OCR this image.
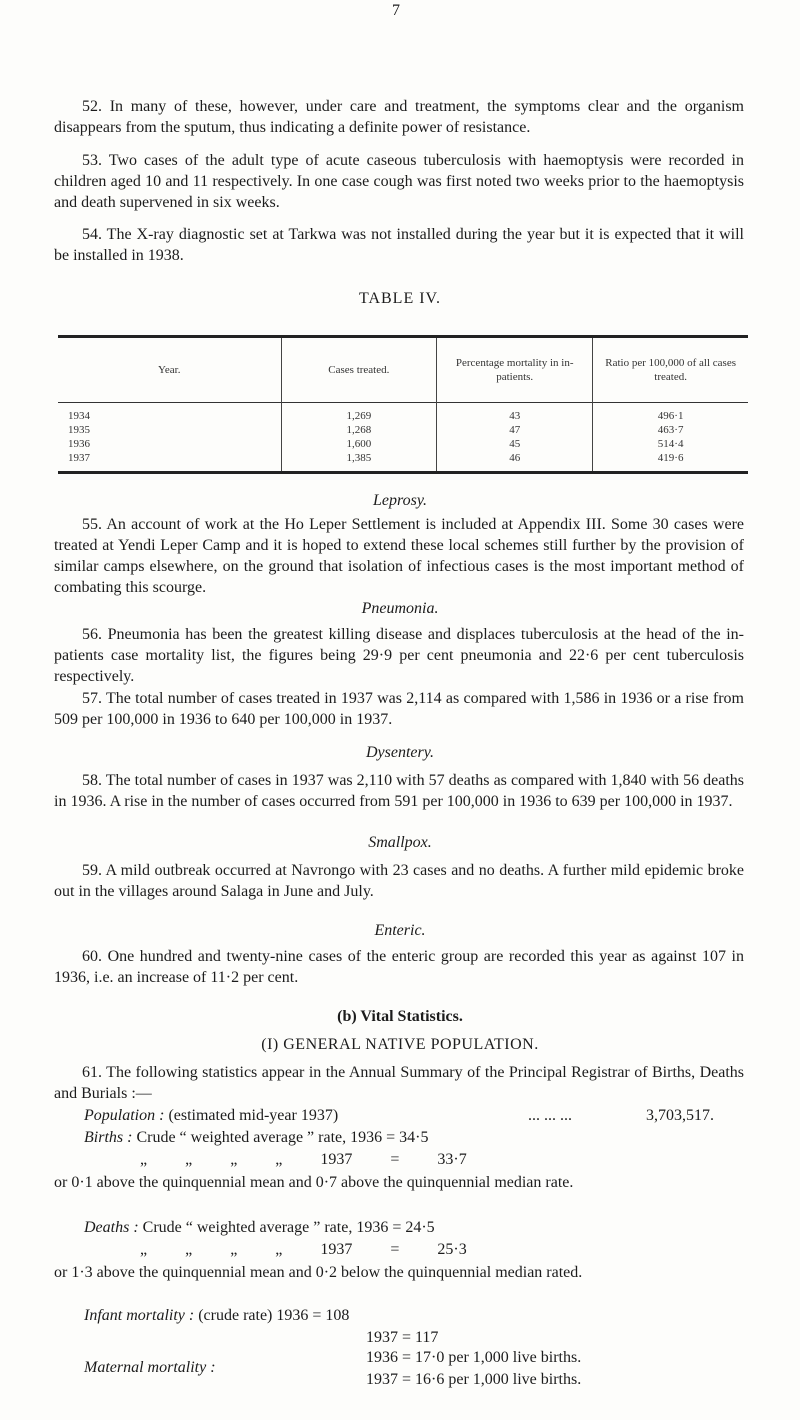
7

52. In many of these, however, under care and treatment, the symptoms clear and the organism disappears from the sputum, thus indicating a definite power of resistance.

53. Two cases of the adult type of acute caseous tuberculosis with haemoptysis were recorded in children aged 10 and 11 respectively. In one case cough was first noted two weeks prior to the haemoptysis and death supervened in six weeks.

54. The X-ray diagnostic set at Tarkwa was not installed during the year but it is expected that it will be installed in 1938.

TABLE IV.
Year.	Cases treated.	Percentage mortality in in-patients.	Ratio per 100,000 of all cases treated.
1934	1,269	43	496·1
1935	1,268	47	463·7
1936	1,600	45	514·4
1937	1,385	46	419·6
Leprosy.

55. An account of work at the Ho Leper Settlement is included at Appendix III. Some 30 cases were treated at Yendi Leper Camp and it is hoped to extend these local schemes still further by the provision of similar camps elsewhere, on the ground that isolation of infectious cases is the most important method of combating this scourge.

Pneumonia.

56. Pneumonia has been the greatest killing disease and displaces tuberculosis at the head of the in-patients case mortality list, the figures being 29·9 per cent pneumonia and 22·6 per cent tuberculosis respectively.

57. The total number of cases treated in 1937 was 2,114 as compared with 1,586 in 1936 or a rise from 509 per 100,000 in 1936 to 640 per 100,000 in 1937.

Dysentery.

58. The total number of cases in 1937 was 2,110 with 57 deaths as compared with 1,840 with 56 deaths in 1936. A rise in the number of cases occurred from 591 per 100,000 in 1936 to 639 per 100,000 in 1937.

Smallpox.

59. A mild outbreak occurred at Navrongo with 23 cases and no deaths. A further mild epidemic broke out in the villages around Salaga in June and July.

Enteric.

60. One hundred and twenty-nine cases of the enteric group are recorded this year as against 107 in 1936, i.e. an increase of 11·2 per cent.

(b) Vital Statistics.
(I) GENERAL NATIVE POPULATION.

61. The following statistics appear in the Annual Summary of the Principal Registrar of Births, Deaths and Burials :—

Population : (estimated mid-year 1937)	... ... ...	3,703,517.
Births : Crude “ weighted average ” rate, 1936 = 34·5
„ „ „ „ 1937 = 33·7

or 0·1 above the quinquennial mean and 0·7 above the quinquennial median rate.

Deaths : Crude “ weighted average ” rate, 1936 = 24·5
„ „ „ „ 1937 = 25·3

or 1·3 above the quinquennial mean and 0·2 below the quinquennial median rated.

Infant mortality : (crude rate) 1936 = 108
1937 = 117
Maternal mortality :
1936 = 17·0 per 1,000 live births.
1937 = 16·6 per 1,000 live births.
